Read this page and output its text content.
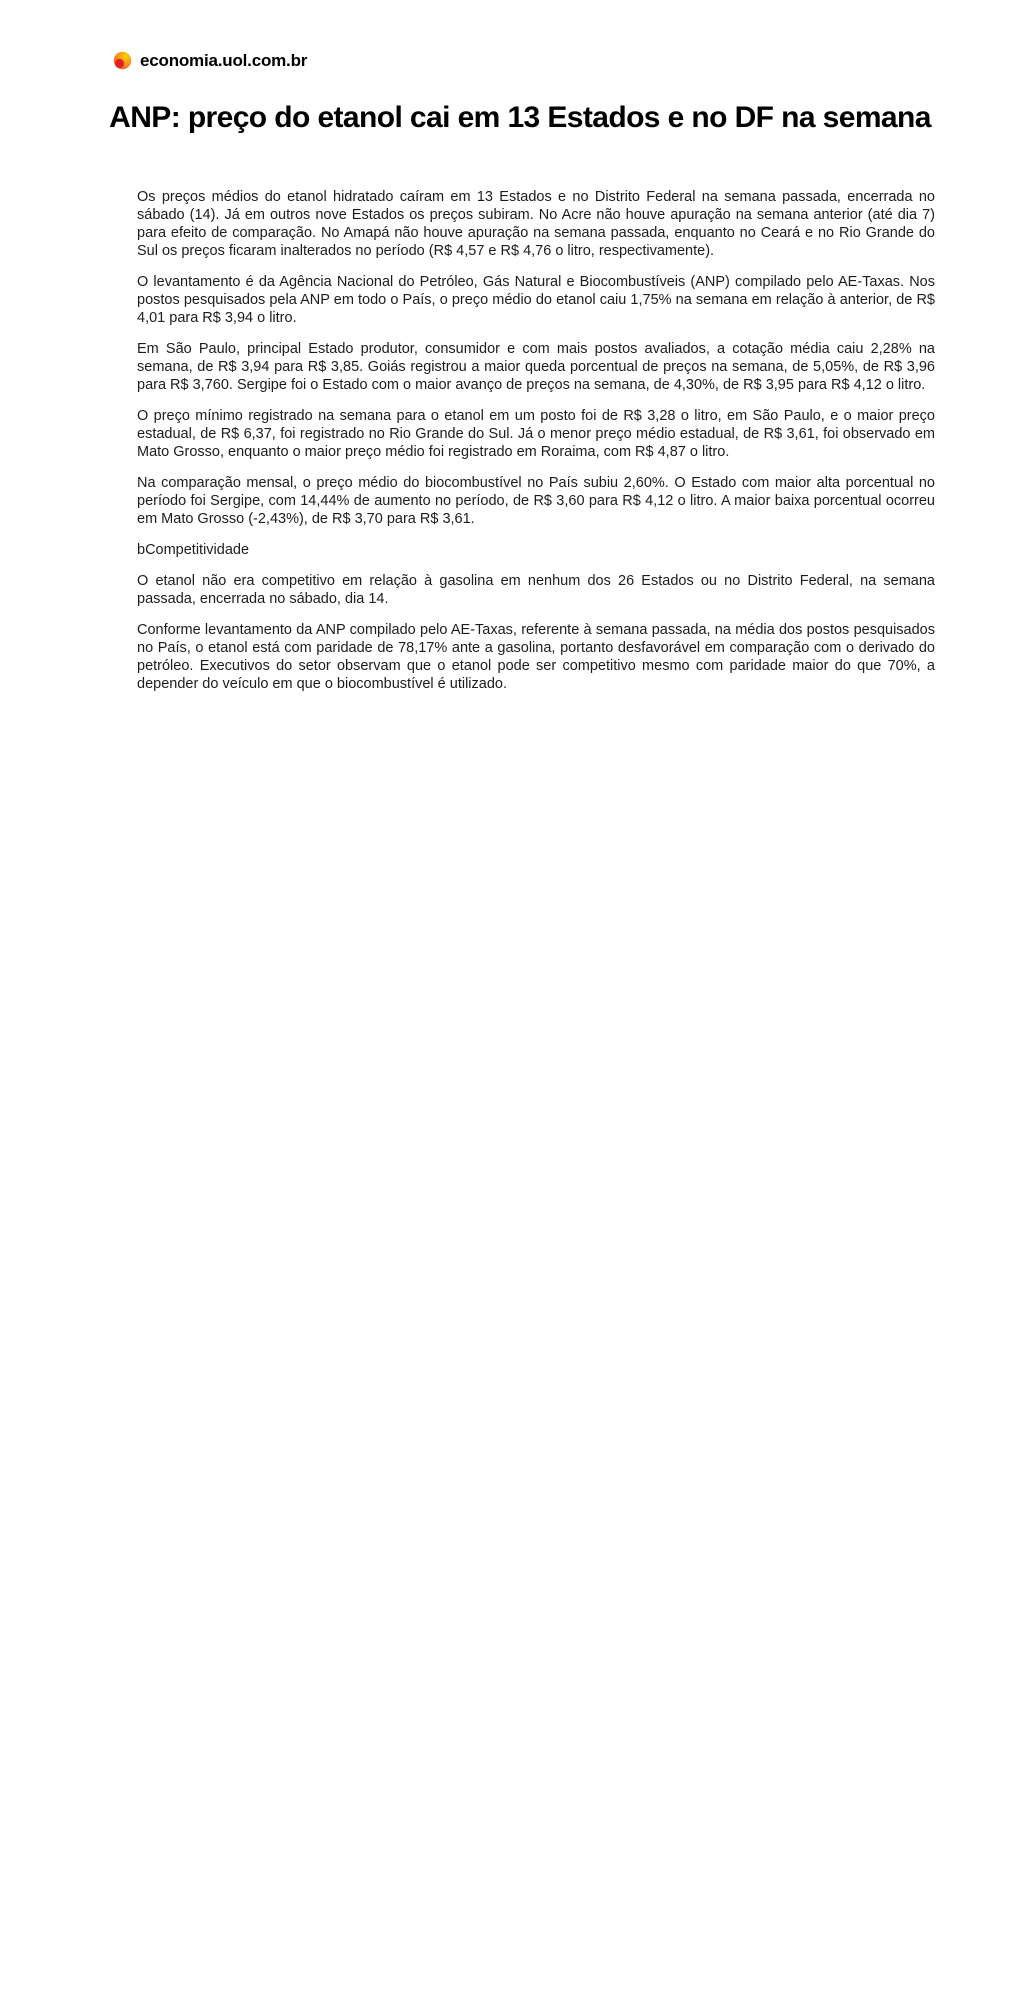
economia.uol.com.br
ANP: preço do etanol cai em 13 Estados e no DF na semana

Os preços médios do etanol hidratado caíram em 13 Estados e no Distrito Federal na semana passada, encerrada no sábado (14). Já em outros nove Estados os preços subiram. No Acre não houve apuração na semana anterior (até dia 7) para efeito de comparação. No Amapá não houve apuração na semana passada, enquanto no Ceará e no Rio Grande do Sul os preços ficaram inalterados no período (R$ 4,57 e R$ 4,76 o litro, respectivamente).

O levantamento é da Agência Nacional do Petróleo, Gás Natural e Biocombustíveis (ANP) compilado pelo AE-Taxas. Nos postos pesquisados pela ANP em todo o País, o preço médio do etanol caiu 1,75% na semana em relação à anterior, de R$ 4,01 para R$ 3,94 o litro.

Em São Paulo, principal Estado produtor, consumidor e com mais postos avaliados, a cotação média caiu 2,28% na semana, de R$ 3,94 para R$ 3,85. Goiás registrou a maior queda porcentual de preços na semana, de 5,05%, de R$ 3,96 para R$ 3,760. Sergipe foi o Estado com o maior avanço de preços na semana, de 4,30%, de R$ 3,95 para R$ 4,12 o litro.

O preço mínimo registrado na semana para o etanol em um posto foi de R$ 3,28 o litro, em São Paulo, e o maior preço estadual, de R$ 6,37, foi registrado no Rio Grande do Sul. Já o menor preço médio estadual, de R$ 3,61, foi observado em Mato Grosso, enquanto o maior preço médio foi registrado em Roraima, com R$ 4,87 o litro.

Na comparação mensal, o preço médio do biocombustível no País subiu 2,60%. O Estado com maior alta porcentual no período foi Sergipe, com 14,44% de aumento no período, de R$ 3,60 para R$ 4,12 o litro. A maior baixa porcentual ocorreu em Mato Grosso (-2,43%), de R$ 3,70 para R$ 3,61.

bCompetitividade

O etanol não era competitivo em relação à gasolina em nenhum dos 26 Estados ou no Distrito Federal, na semana passada, encerrada no sábado, dia 14.

Conforme levantamento da ANP compilado pelo AE-Taxas, referente à semana passada, na média dos postos pesquisados no País, o etanol está com paridade de 78,17% ante a gasolina, portanto desfavorável em comparação com o derivado do petróleo. Executivos do setor observam que o etanol pode ser competitivo mesmo com paridade maior do que 70%, a depender do veículo em que o biocombustível é utilizado.
